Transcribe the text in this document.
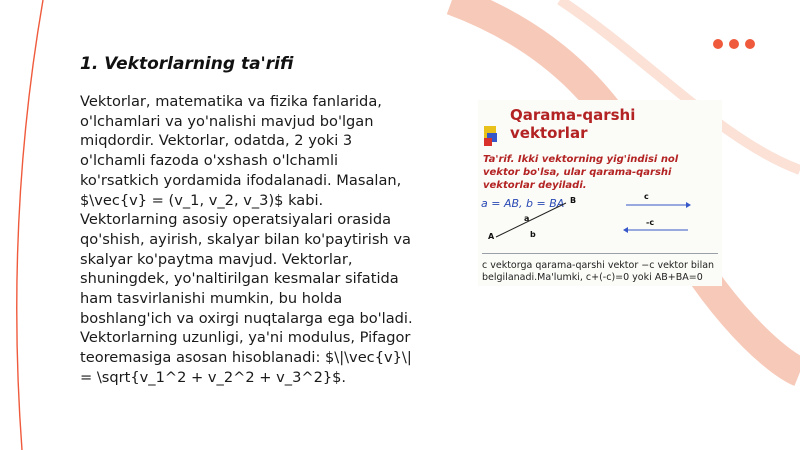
1. Vektorlarning ta'rifi

Vektorlar, matematika va fizika fanlarida, o'lchamlari va yo'nalishi mavjud bo'lgan miqdordir. Vektorlar, odatda, 2 yoki 3 o'lchamli fazoda o'xshash o'lchamli ko'rsatkich yordamida ifodalanadi. Masalan, $\vec{v} = (v_1, v_2, v_3)$ kabi. Vektorlarning asosiy operatsiyalari orasida qo'shish, ayirish, skalyar bilan ko'paytirish va skalyar ko'paytma mavjud. Vektorlar, shuningdek, yo'naltirilgan kesmalar sifatida ham tasvirlanishi mumkin, bu holda boshlang'ich va oxirgi nuqtalarga ega bo'ladi. Vektorlarning uzunligi, ya'ni modulus, Pifagor teoremasiga asosan hisoblanadi: $\|\vec{v}\| = \sqrt{v_1^2 + v_2^2 + v_3^2}$.

Qarama-qarshi vektorlar

Ta'rif. Ikki vektorning yig'indisi nol vektor bo'lsa, ular qarama-qarshi vektorlar deyiladi.

a = AB, b = BA
A
B
a
b
c
-c

c vektorga qarama-qarshi vektor −c vektor bilan belgilanadi.Ma'lumki, c+(-c)=0 yoki AB+BA=0
